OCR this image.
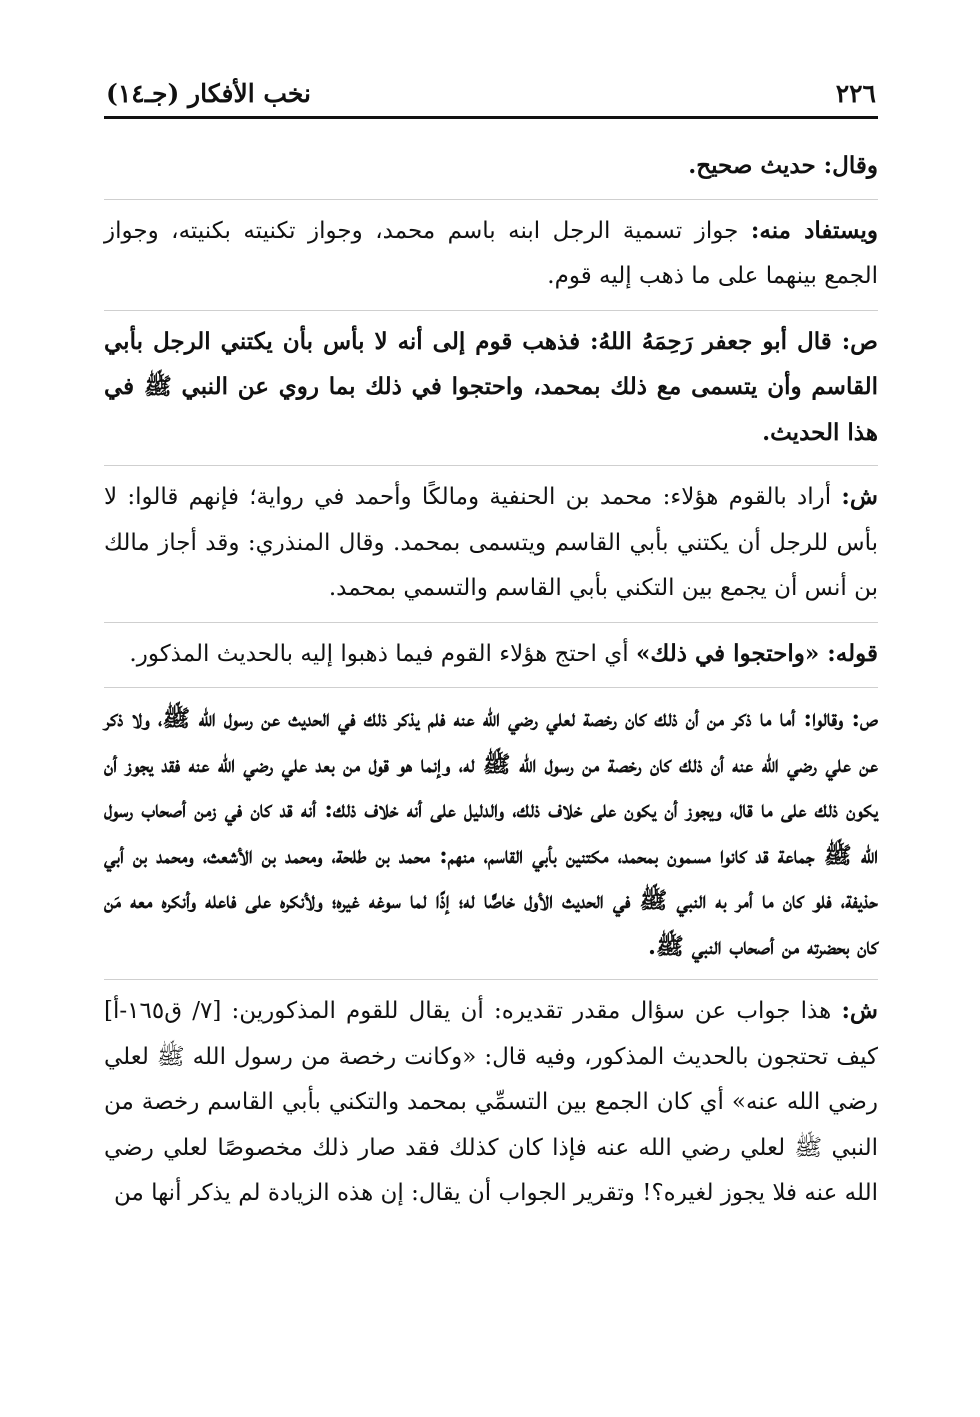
٢٢٦
نخب الأفكار (جـ١٤)

وقال: حديث صحيح.

ويستفاد منه: جواز تسمية الرجل ابنه باسم محمد، وجواز تكنيته بكنيته، وجواز الجمع بينهما على ما ذهب إليه قوم.

ص: قال أبو جعفر رَحِمَهُ اللهُ: فذهب قوم إلى أنه لا بأس بأن يكتني الرجل بأبي القاسم وأن يتسمى مع ذلك بمحمد، واحتجوا في ذلك بما روي عن النبي ﷺ في هذا الحديث.

ش: أراد بالقوم هؤلاء: محمد بن الحنفية ومالكًا وأحمد في رواية؛ فإنهم قالوا: لا بأس للرجل أن يكتني بأبي القاسم ويتسمى بمحمد. وقال المنذري: وقد أجاز مالك بن أنس أن يجمع بين التكني بأبي القاسم والتسمي بمحمد.

قوله: «واحتجوا في ذلك» أي احتج هؤلاء القوم فيما ذهبوا إليه بالحديث المذكور.

ص: وقالوا: أما ما ذكر من أن ذلك كان رخصة لعلي رضي الله عنه فلم يذكر ذلك في الحديث عن رسول الله ﷺ، ولا ذكر عن علي رضي الله عنه أن ذلك كان رخصة من رسول الله ﷺ له، وإنما هو قول من بعد علي رضي الله عنه فقد يجوز أن يكون ذلك على ما قال، ويجوز أن يكون على خلاف ذلك، والدليل على أنه خلاف ذلك: أنه قد كان في زمن أصحاب رسول الله ﷺ جماعة قد كانوا مسمون بمحمد، مكتنين بأبي القاسم، منهم: محمد بن طلحة، ومحمد بن الأشعث، ومحمد بن أبي حذيفة، فلو كان ما أمر به النبي ﷺ في الحديث الأول خاصًّا له؛ إذًا لما سوغه غيره؛ ولأنكره على فاعله وأنكره معه مَن كان بحضرته من أصحاب النبي ﷺ.

ش: هذا جواب عن سؤال مقدر تقديره: أن يقال للقوم المذكورين: [٧/ ق١٦٥-أ] كيف تحتجون بالحديث المذكور، وفيه قال: «وكانت رخصة من رسول الله ﷺ لعلي رضي الله عنه» أي كان الجمع بين التسمِّي بمحمد والتكني بأبي القاسم رخصة من النبي ﷺ لعلي رضي الله عنه فإذا كان كذلك فقد صار ذلك مخصوصًا لعلي رضي الله عنه فلا يجوز لغيره؟! وتقرير الجواب أن يقال: إن هذه الزيادة لم يذكر أنها من
